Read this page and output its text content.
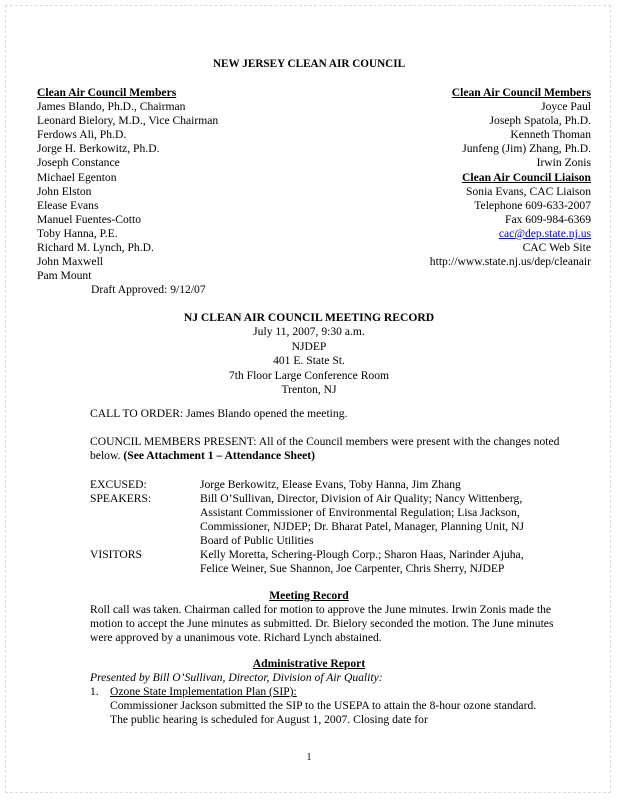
NEW JERSEY CLEAN AIR COUNCIL
Clean Air Council Members
James Blando, Ph.D., Chairman
Leonard Bielory, M.D., Vice Chairman
Ferdows Ali, Ph.D.
Jorge H. Berkowitz, Ph.D.
Joseph Constance
Michael Egenton
John Elston
Elease Evans
Manuel Fuentes-Cotto
Toby Hanna, P.E.
Richard M. Lynch, Ph.D.
John Maxwell
Pam Mount
Draft Approved: 9/12/07
Clean Air Council Members
Joyce Paul
Joseph Spatola, Ph.D.
Kenneth Thoman
Junfeng (Jim) Zhang, Ph.D.
Irwin Zonis
Clean Air Council Liaison
Sonia Evans, CAC Liaison
Telephone 609-633-2007
Fax 609-984-6369
cac@dep.state.nj.us
CAC Web Site
http://www.state.nj.us/dep/cleanair
NJ CLEAN AIR COUNCIL MEETING RECORD
July 11, 2007, 9:30 a.m.
NJDEP
401 E. State St.
7th Floor Large Conference Room
Trenton, NJ
CALL TO ORDER: James Blando opened the meeting.
COUNCIL MEMBERS PRESENT: All of the Council members were present with the changes noted below. (See Attachment 1 – Attendance Sheet)
EXCUSED:	Jorge Berkowitz, Elease Evans, Toby Hanna, Jim Zhang
SPEAKERS:	Bill O’Sullivan, Director, Division of Air Quality; Nancy Wittenberg, Assistant Commissioner of Environmental Regulation; Lisa Jackson, Commissioner, NJDEP; Dr. Bharat Patel, Manager, Planning Unit, NJ Board of Public Utilities
VISITORS	Kelly Moretta, Schering-Plough Corp.; Sharon Haas, Narinder Ajuha, Felice Weiner, Sue Shannon, Joe Carpenter, Chris Sherry, NJDEP
Meeting Record
Roll call was taken. Chairman called for motion to approve the June minutes. Irwin Zonis made the motion to accept the June minutes as submitted. Dr. Bielory seconded the motion. The June minutes were approved by a unanimous vote. Richard Lynch abstained.
Administrative Report
Presented by Bill O’Sullivan, Director, Division of Air Quality:
1. Ozone State Implementation Plan (SIP):
Commissioner Jackson submitted the SIP to the USEPA to attain the 8-hour ozone standard. The public hearing is scheduled for August 1, 2007. Closing date for
1
